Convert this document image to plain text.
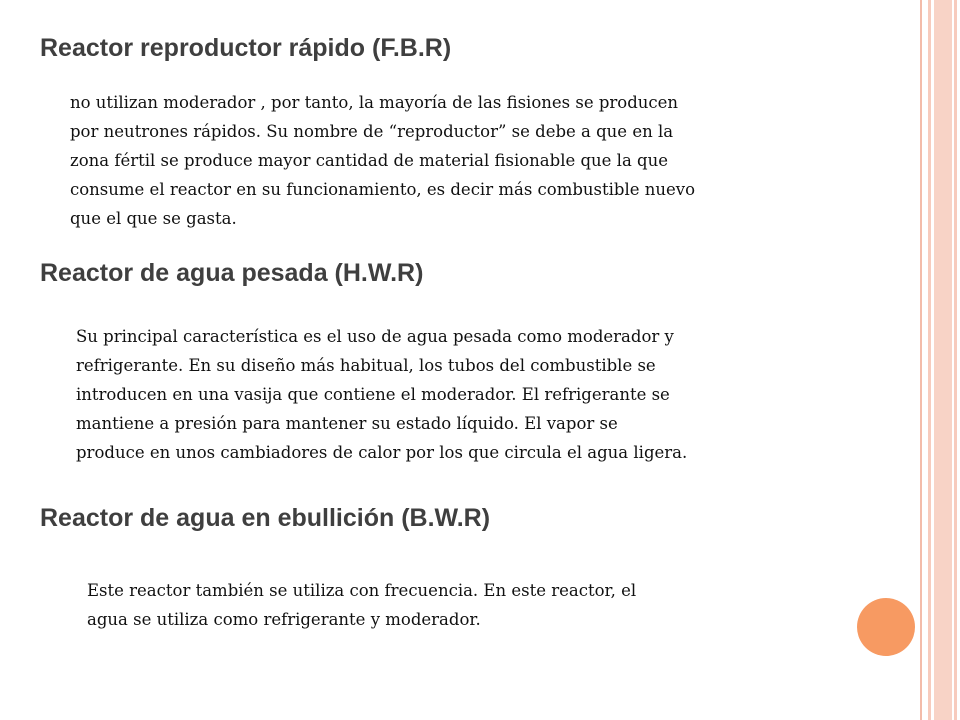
Reactor reproductor rápido (F.B.R)
no utilizan moderador , por tanto, la mayoría de las fisiones se producen
por neutrones rápidos. Su nombre de “reproductor” se debe a que en la
zona fértil se produce mayor cantidad de material fisionable que la que
consume el reactor en su funcionamiento, es decir más combustible nuevo
que el que se gasta.
Reactor de agua pesada (H.W.R)
Su principal característica es el uso de agua pesada como moderador y
refrigerante. En su diseño más habitual, los tubos del combustible se
introducen en una vasija que contiene el moderador. El refrigerante se
mantiene a presión para mantener su estado líquido. El vapor se
produce en unos cambiadores de calor por los que circula el agua ligera.
Reactor de agua en ebullición (B.W.R)
Este reactor también se utiliza con frecuencia. En este reactor, el
agua se utiliza como refrigerante y moderador.
